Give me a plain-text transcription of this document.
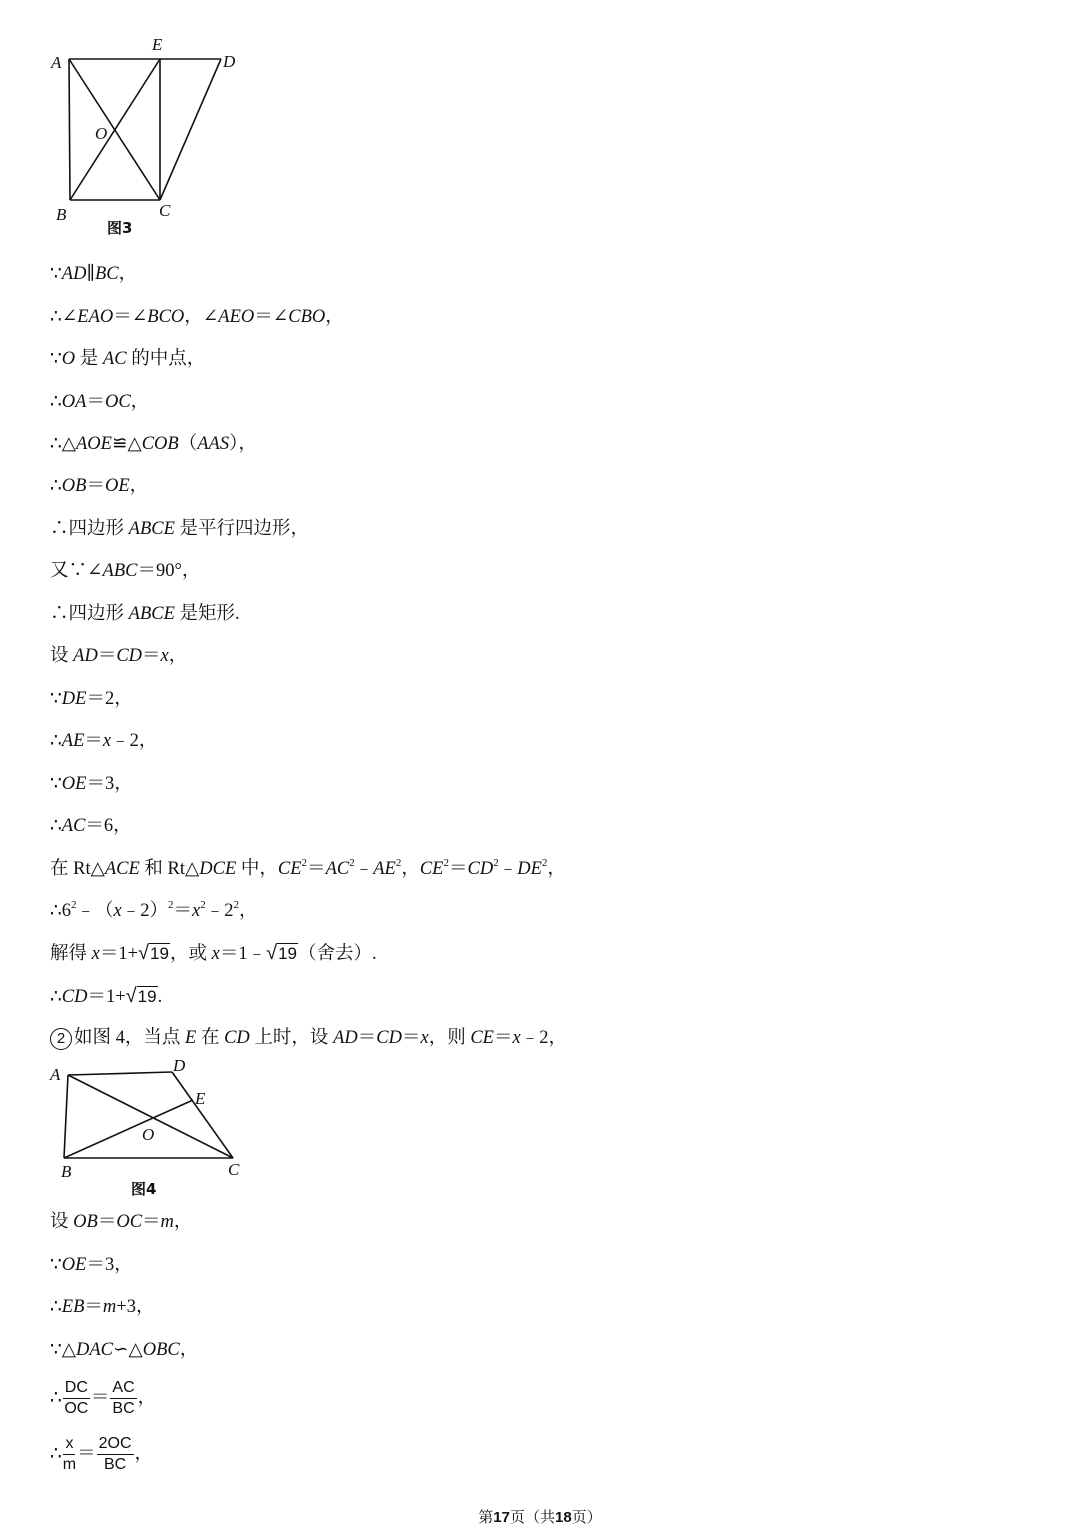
A
E
D
O
B	C
图3
∵AD∥BC，
∴∠EAO＝∠BCO，∠AEO＝∠CBO，
∵O 是 AC 的中点，
∴OA＝OC，
∴△AOE≌△COB（AAS），
∴OB＝OE，
∴四边形 ABCE 是平行四边形，
又∵∠ABC＝90°，
∴四边形 ABCE 是矩形.
设 AD＝CD＝x，
∵DE＝2，
∴AE＝x﹣2，
∵OE＝3，
∴AC＝6，
在 Rt△ACE 和 Rt△DCE 中，$CE^2=AC^2﹣AE^2$，$CE^2=CD^2﹣DE^2$，
$\therefore 6^2﹣(x﹣2)^2=x^2﹣2^2$，
解得 x＝1+√19，或 x＝1﹣√19（舍去）.
∴CD＝1+√19.
2 如图 4，当点 E 在 CD 上时，设 AD＝CD＝x，则 CE＝x﹣2，
A	D
E
O
B	C
图4
设 OB＝OC＝m，
∵OE＝3，
∴EB＝m+3，
∵△DAC∽△OBC，
∴ $\frac{DC}{OC} = \frac{AC}{BC}$ ，
∴ $\frac{x}{m} = \frac{2OC}{BC}$ ，
第17页（共18页）
